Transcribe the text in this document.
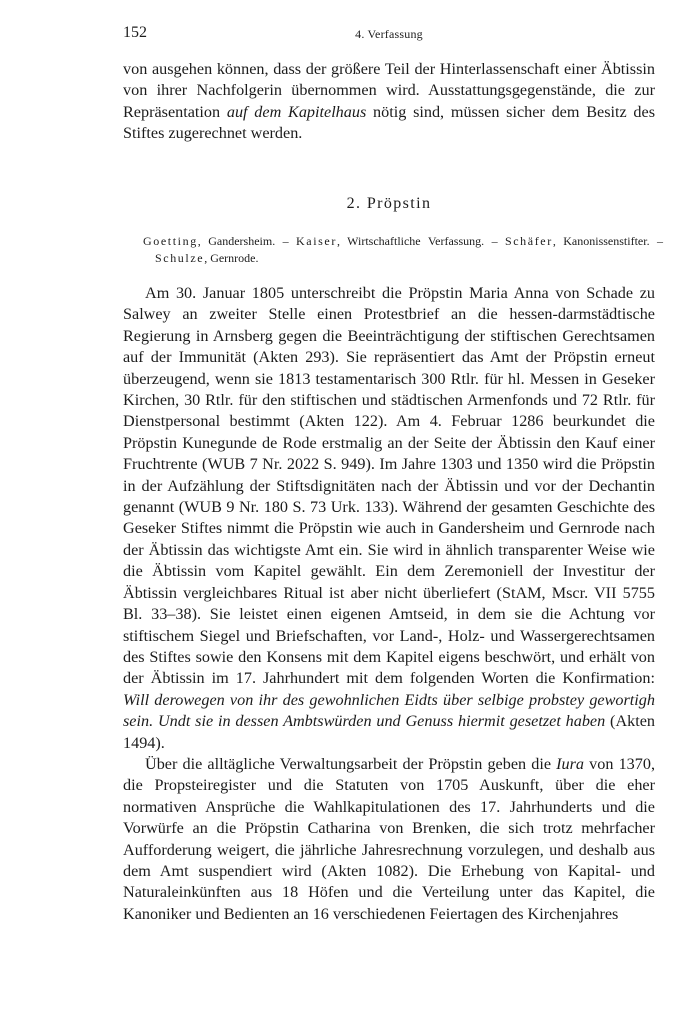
152	4. Verfassung

von ausgehen können, dass der größere Teil der Hinterlassenschaft einer Äbtissin von ihrer Nachfolgerin übernommen wird. Ausstattungsgegenstände, die zur Repräsentation auf dem Kapitelhaus nötig sind, müssen sicher dem Besitz des Stiftes zugerechnet werden.

2. Pröpstin

Goetting, Gandersheim. – Kaiser, Wirtschaftliche Verfassung. – Schäfer, Kanonissenstifter. – Schulze, Gernrode.

Am 30. Januar 1805 unterschreibt die Pröpstin Maria Anna von Schade zu Salwey an zweiter Stelle einen Protestbrief an die hessen-darmstädtische Regierung in Arnsberg gegen die Beeinträchtigung der stiftischen Gerechtsamen auf der Immunität (Akten 293). Sie repräsentiert das Amt der Pröpstin erneut überzeugend, wenn sie 1813 testamentarisch 300 Rtlr. für hl. Messen in Geseker Kirchen, 30 Rtlr. für den stiftischen und städtischen Armenfonds und 72 Rtlr. für Dienstpersonal bestimmt (Akten 122). Am 4. Februar 1286 beurkundet die Pröpstin Kunegunde de Rode erstmalig an der Seite der Äbtissin den Kauf einer Fruchtrente (WUB 7 Nr. 2022 S. 949). Im Jahre 1303 und 1350 wird die Pröpstin in der Aufzählung der Stiftsdignitäten nach der Äbtissin und vor der Dechantin genannt (WUB 9 Nr. 180 S. 73 Urk. 133). Während der gesamten Geschichte des Geseker Stiftes nimmt die Pröpstin wie auch in Gandersheim und Gernrode nach der Äbtissin das wichtigste Amt ein. Sie wird in ähnlich transparenter Weise wie die Äbtissin vom Kapitel gewählt. Ein dem Zeremoniell der Investitur der Äbtissin vergleichbares Ritual ist aber nicht überliefert (StAM, Mscr. VII 5755 Bl. 33–38). Sie leistet einen eigenen Amtseid, in dem sie die Achtung vor stiftischem Siegel und Briefschaften, vor Land-, Holz- und Wassergerechtsamen des Stiftes sowie den Konsens mit dem Kapitel eigens beschwört, und erhält von der Äbtissin im 17. Jahrhundert mit dem folgenden Worten die Konfirmation: Will derowegen von ihr des gewohnlichen Eidts über selbige probstey gewortigh sein. Undt sie in dessen Ambtswürden und Genuss hiermit gesetzet haben (Akten 1494).

Über die alltägliche Verwaltungsarbeit der Pröpstin geben die Iura von 1370, die Propsteiregister und die Statuten von 1705 Auskunft, über die eher normativen Ansprüche die Wahlkapitulationen des 17. Jahrhunderts und die Vorwürfe an die Pröpstin Catharina von Brenken, die sich trotz mehrfacher Aufforderung weigert, die jährliche Jahresrechnung vorzulegen, und deshalb aus dem Amt suspendiert wird (Akten 1082). Die Erhebung von Kapital- und Naturaleinkünften aus 18 Höfen und die Verteilung unter das Kapitel, die Kanoniker und Bedienten an 16 verschiedenen Feiertagen des Kirchenjahres
